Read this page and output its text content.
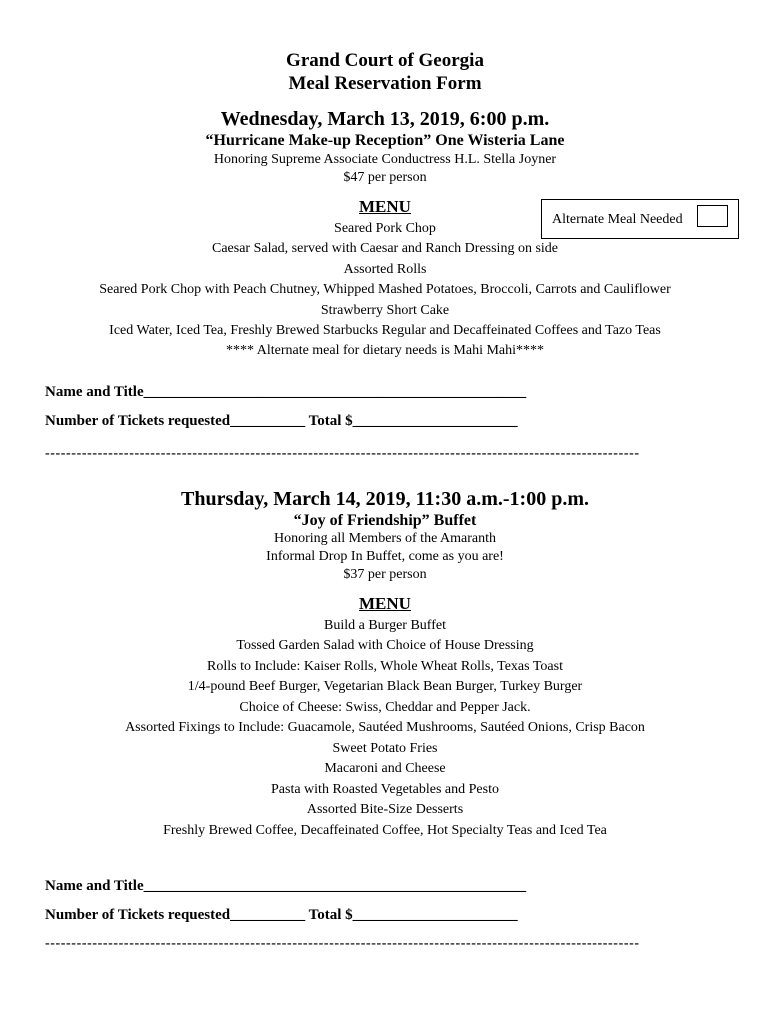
Grand Court of Georgia
Meal Reservation Form
Wednesday, March 13, 2019, 6:00 p.m.
“Hurricane Make-up Reception” One Wisteria Lane
Honoring Supreme Associate Conductress H.L. Stella Joyner
$47 per person
MENU
Alternate Meal Needed
Seared Pork Chop
Caesar Salad, served with Caesar and Ranch Dressing on side
Assorted Rolls
Seared Pork Chop with Peach Chutney, Whipped Mashed Potatoes, Broccoli, Carrots and Cauliflower
Strawberry Short Cake
Iced Water, Iced Tea, Freshly Brewed Starbucks Regular and Decaffeinated Coffees and Tazo Teas
**** Alternate meal for dietary needs is Mahi Mahi****
Name and Title___________________________________________________
Number of Tickets requested__________ Total $______________________
-----------------------------------------------------------------------------------------------------------------
Thursday, March 14, 2019, 11:30 a.m.-1:00 p.m.
“Joy of Friendship” Buffet
Honoring all Members of the Amaranth
Informal Drop In Buffet, come as you are!
$37 per person
MENU
Build a Burger Buffet
Tossed Garden Salad with Choice of House Dressing
Rolls to Include: Kaiser Rolls, Whole Wheat Rolls, Texas Toast
1/4-pound Beef Burger, Vegetarian Black Bean Burger, Turkey Burger
Choice of Cheese: Swiss, Cheddar and Pepper Jack.
Assorted Fixings to Include: Guacamole, Sautéed Mushrooms, Sautéed Onions, Crisp Bacon
Sweet Potato Fries
Macaroni and Cheese
Pasta with Roasted Vegetables and Pesto
Assorted Bite-Size Desserts
Freshly Brewed Coffee, Decaffeinated Coffee, Hot Specialty Teas and Iced Tea
Name and Title___________________________________________________
Number of Tickets requested__________ Total $______________________
-----------------------------------------------------------------------------------------------------------------
